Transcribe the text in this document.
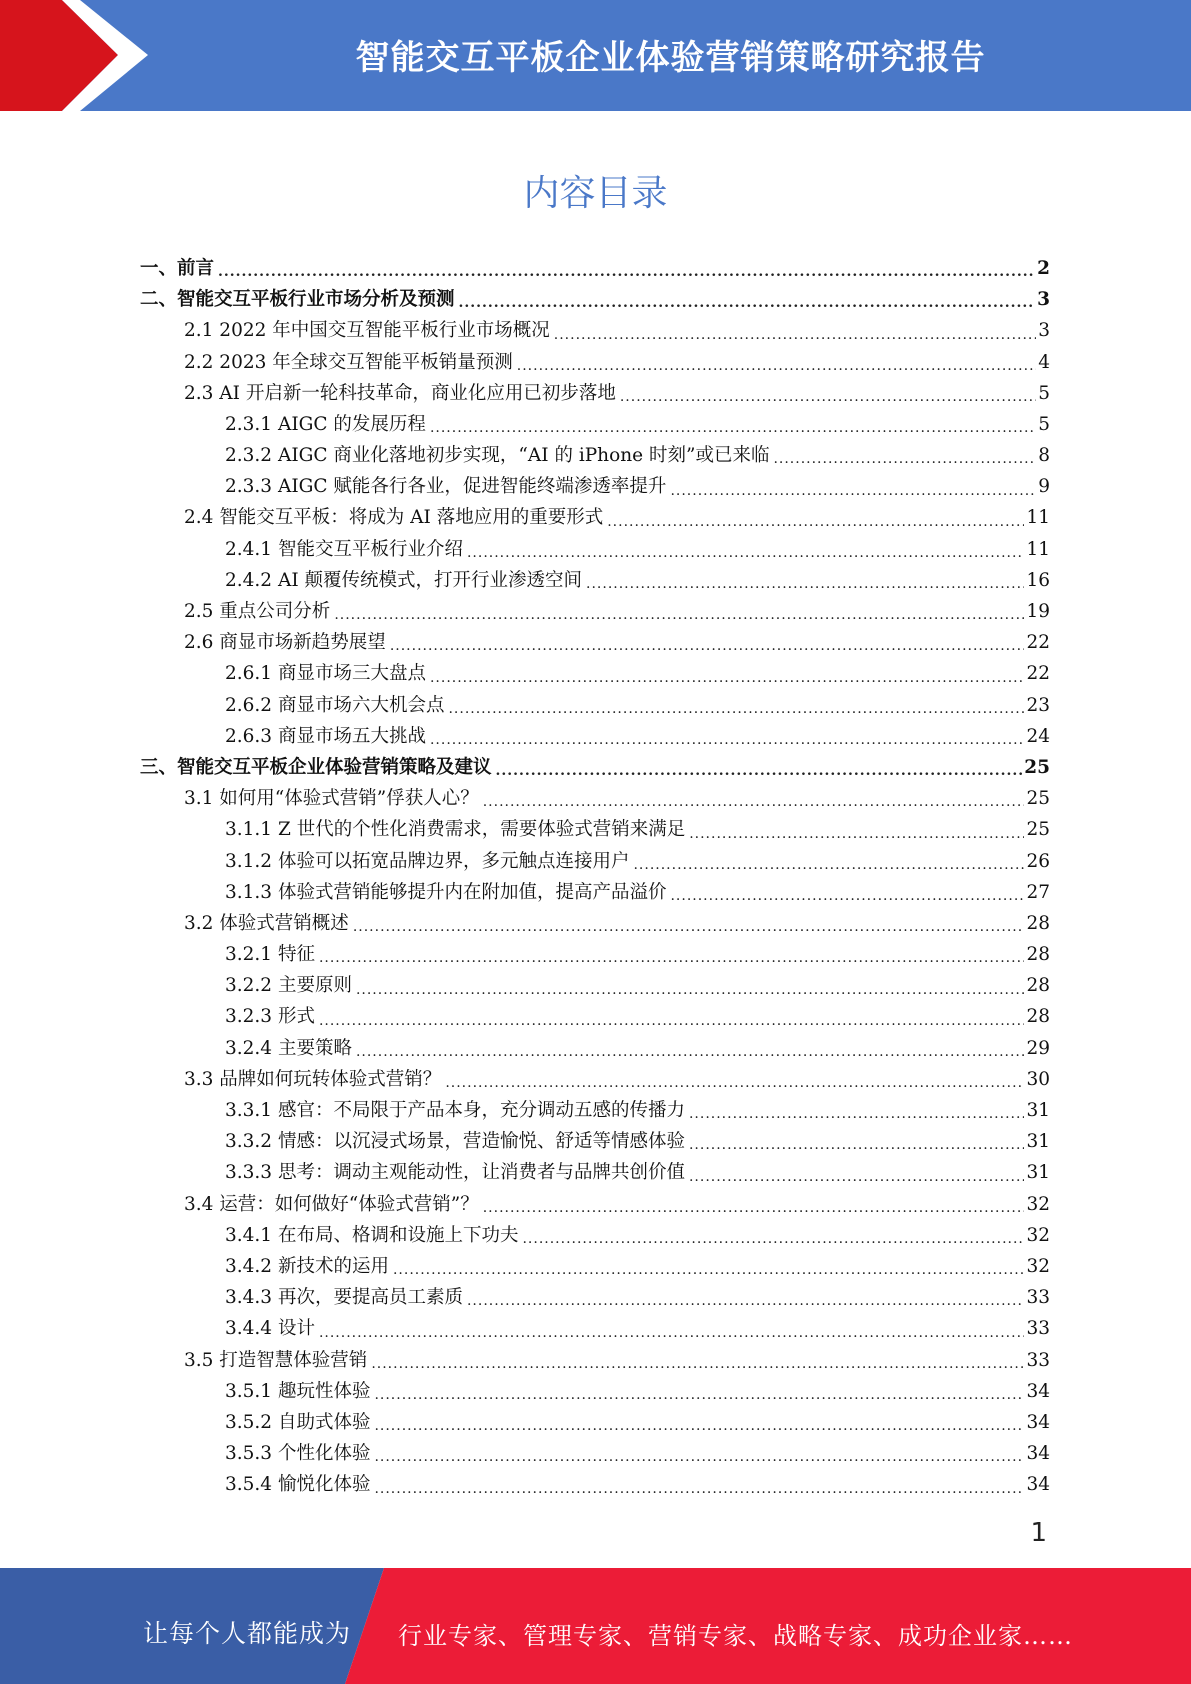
智能交互平板企业体验营销策略研究报告
内容目录
一、前言 .....	2
二、智能交互平板行业市场分析及预测 .....	3
2.1 2022 年中国交互智能平板行业市场概况 .....	3
2.2 2023 年全球交互智能平板销量预测 .....	4
2.3 AI 开启新一轮科技革命，商业化应用已初步落地 .....	5
2.3.1 AIGC 的发展历程 .....	5
2.3.2 AIGC 商业化落地初步实现，“AI 的 iPhone 时刻”或已来临 .....	8
2.3.3 AIGC 赋能各行各业，促进智能终端渗透率提升 .....	9
2.4 智能交互平板：将成为 AI 落地应用的重要形式 .....	11
2.4.1 智能交互平板行业介绍 .....	11
2.4.2 AI 颠覆传统模式，打开行业渗透空间 .....	16
2.5 重点公司分析 .....	19
2.6 商显市场新趋势展望 .....	22
2.6.1 商显市场三大盘点 .....	22
2.6.2 商显市场六大机会点 .....	23
2.6.3 商显市场五大挑战 .....	24
三、智能交互平板企业体验营销策略及建议 .....	25
3.1 如何用“体验式营销”俘获人心？ .....	25
3.1.1 Z 世代的个性化消费需求，需要体验式营销来满足 .....	25
3.1.2 体验可以拓宽品牌边界，多元触点连接用户 .....	26
3.1.3 体验式营销能够提升内在附加值，提高产品溢价 .....	27
3.2 体验式营销概述 .....	28
3.2.1 特征 .....	28
3.2.2 主要原则 .....	28
3.2.3 形式 .....	28
3.2.4 主要策略 .....	29
3.3 品牌如何玩转体验式营销？ .....	30
3.3.1 感官：不局限于产品本身，充分调动五感的传播力 .....	31
3.3.2 情感：以沉浸式场景，营造愉悦、舒适等情感体验 .....	31
3.3.3 思考：调动主观能动性，让消费者与品牌共创价值 .....	31
3.4 运营：如何做好“体验式营销”？ .....	32
3.4.1 在布局、格调和设施上下功夫 .....	32
3.4.2 新技术的运用 .....	32
3.4.3 再次，要提高员工素质 .....	33
3.4.4 设计 .....	33
3.5 打造智慧体验营销 .....	33
3.5.1 趣玩性体验 .....	34
3.5.2 自助式体验 .....	34
3.5.3 个性化体验 .....	34
3.5.4 愉悦化体验 .....	34
1
让每个人都能成为 行业专家、管理专家、营销专家、战略专家、成功企业家……
